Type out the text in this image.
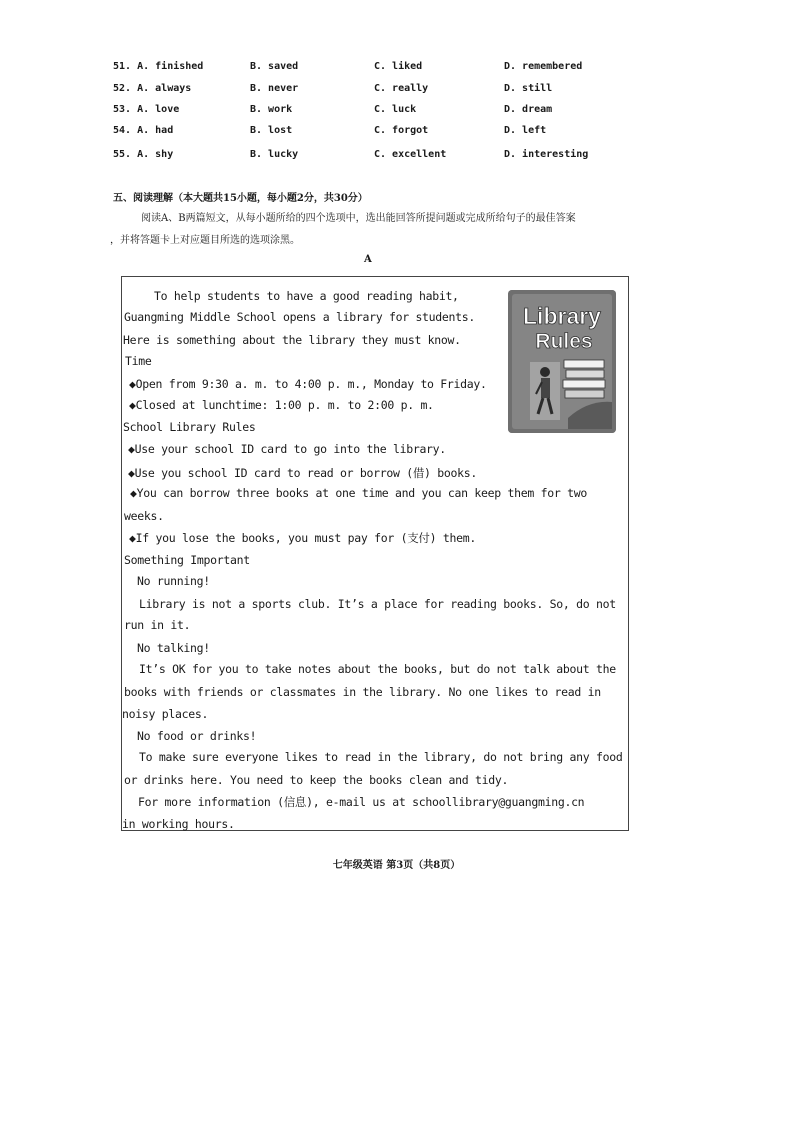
51. A. finished	B. saved	C. liked	D. remembered
52. A. always	B. never	C. really	D. still
53. A. love	B. work	C. luck	D. dream
54. A. had	B. lost	C. forgot	D. left
55. A. shy	B. lucky	C. excellent	D. interesting
五、阅读理解（本大题共15小题，每小题2分，共30分）
阅读A、B两篇短文，从每小题所给的四个选项中，选出能回答所提问题或完成所给句子的最佳答案
，并将答题卡上对应题目所选的选项涂黑。
A
To help students to have a good reading habit,
Guangming Middle School opens a library for students.
Here is something about the library they must know.
Time
◆Open from 9:30 a. m. to 4:00 p. m., Monday to Friday.
◆Closed at lunchtime: 1:00 p. m. to 2:00 p. m.
School Library Rules
◆Use your school ID card to go into the library.
◆Use you school ID card to read or borrow (借) books.
◆You can borrow three books at one time and you can keep them for two
weeks.
◆If you lose the books, you must pay for (支付) them.
Something Important
No running!
Library is not a sports club. It’s a place for reading books. So, do not
run in it.
No talking!
It’s OK for you to take notes about the books, but do not talk about the
books with friends or classmates in the library. No one likes to read in
noisy places.
No food or drinks!
To make sure everyone likes to read in the library, do not bring any food
or drinks here. You need to keep the books clean and tidy.
For more information (信息), e-mail us at schoollibrary@guangming.cn
in working hours.
Library
Rules
七年级英语 第3页（共8页）
